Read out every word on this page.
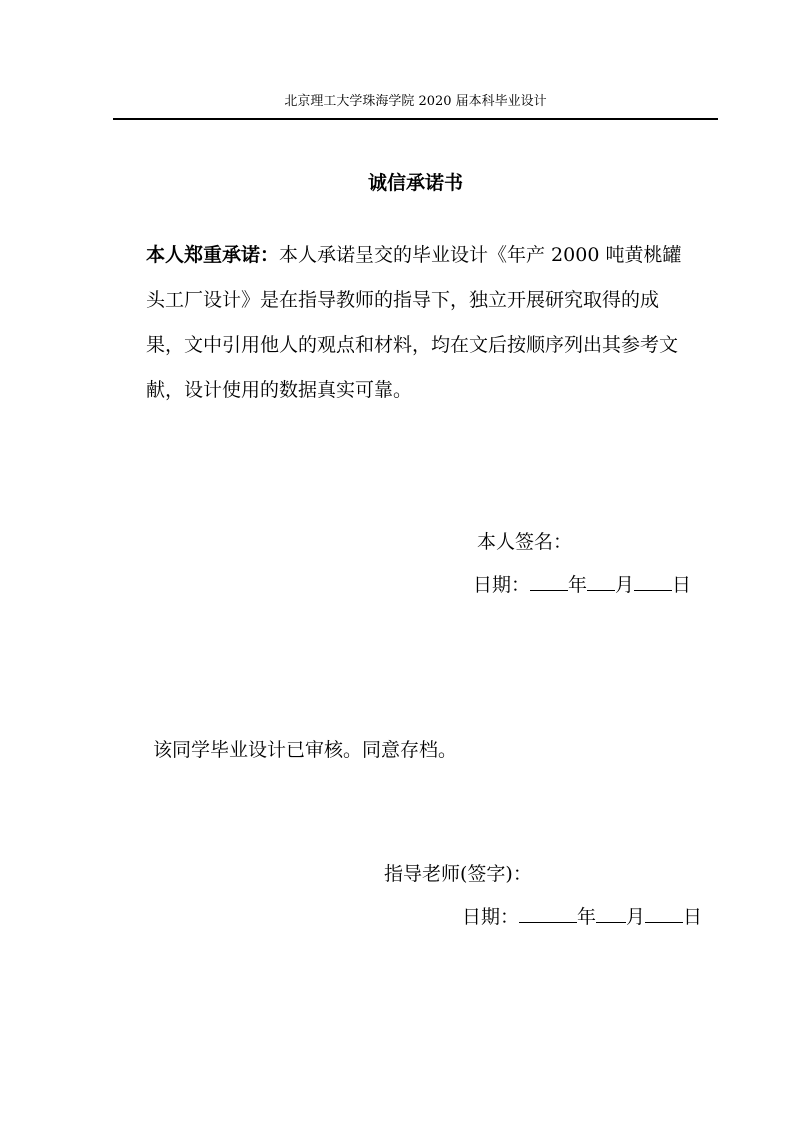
北京理工大学珠海学院 2020 届本科毕业设计
诚信承诺书

本人郑重承诺：本人承诺呈交的毕业设计《年产 2000 吨黄桃罐头工厂设计》是在指导教师的指导下，独立开展研究取得的成果，文中引用他人的观点和材料，均在文后按顺序列出其参考文献，设计使用的数据真实可靠。

本人签名：
日期： 年 月 日
该同学毕业设计已审核。同意存档。
指导老师(签字)：
日期：	年 月 日
